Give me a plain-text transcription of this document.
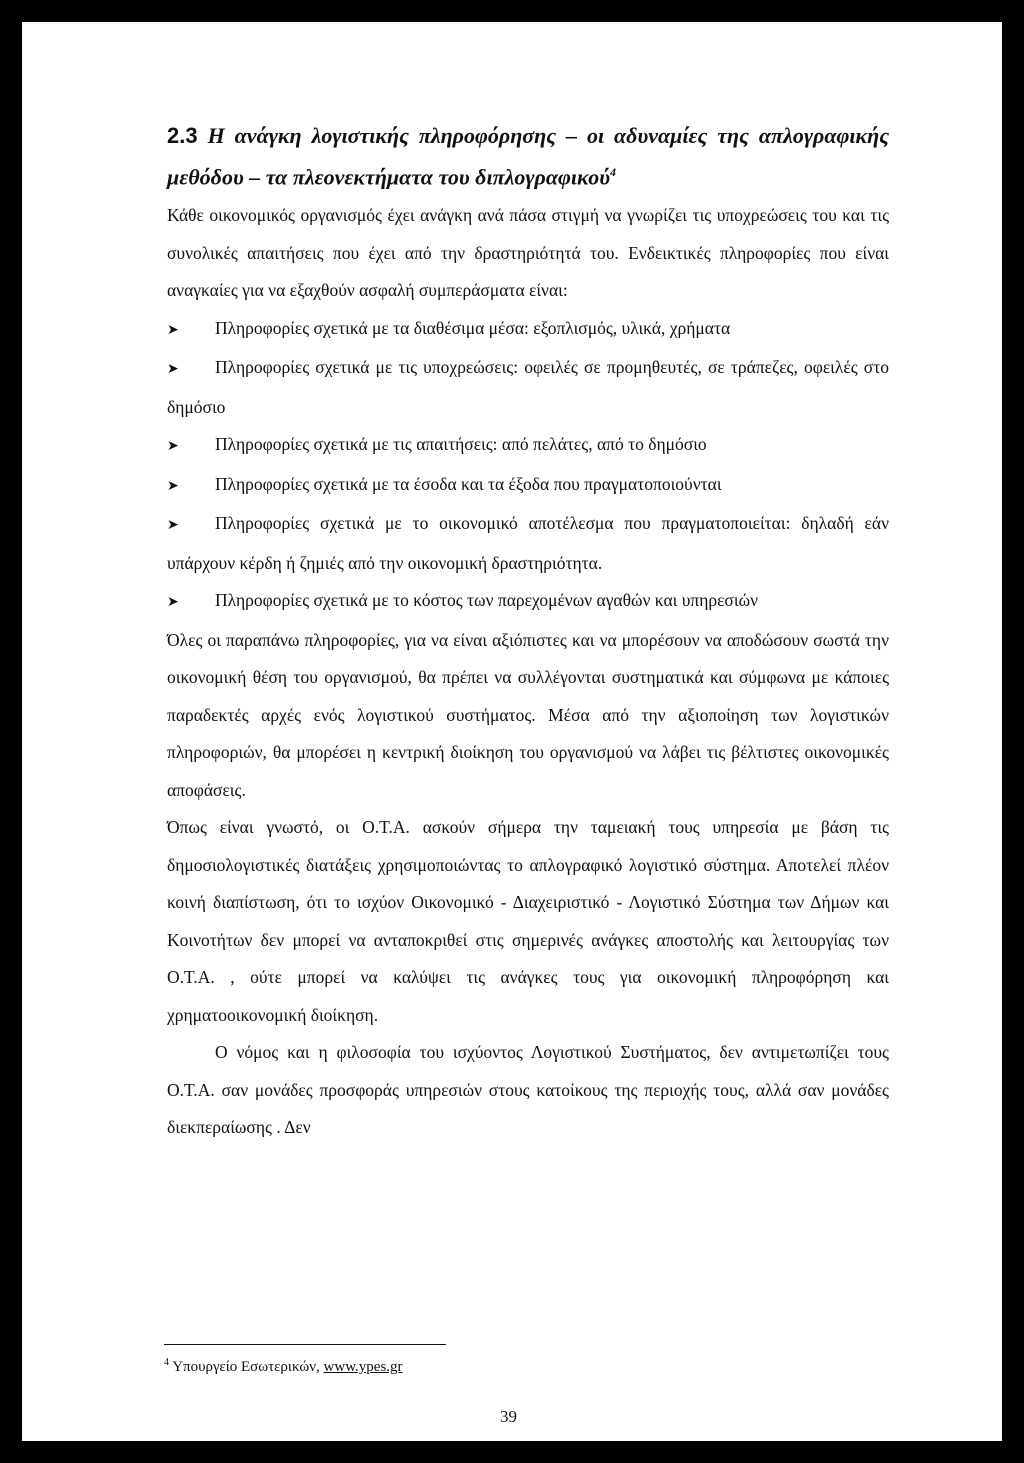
2.3 Η ανάγκη λογιστικής πληροφόρησης – οι αδυναμίες της απλογραφικής μεθόδου – τα πλεονεκτήματα του διπλογραφικού$^4$

Κάθε οικονομικός οργανισμός έχει ανάγκη ανά πάσα στιγμή να γνωρίζει τις υποχρεώσεις του και τις συνολικές απαιτήσεις που έχει από την δραστηριότητά του. Ενδεικτικές πληροφορίες που είναι αναγκαίες για να εξαχθούν ασφαλή συμπεράσματα είναι:

➤ Πληροφορίες σχετικά με τα διαθέσιμα μέσα: εξοπλισμός, υλικά, χρήματα

➤ Πληροφορίες σχετικά με τις υποχρεώσεις: οφειλές σε προμηθευτές, σε τράπεζες, οφειλές στο δημόσιο

➤ Πληροφορίες σχετικά με τις απαιτήσεις: από πελάτες, από το δημόσιο

➤ Πληροφορίες σχετικά με τα έσοδα και τα έξοδα που πραγματοποιούνται

➤ Πληροφορίες σχετικά με το οικονομικό αποτέλεσμα που πραγματοποιείται: δηλαδή εάν υπάρχουν κέρδη ή ζημιές από την οικονομική δραστηριότητα.

➤ Πληροφορίες σχετικά με το κόστος των παρεχομένων αγαθών και υπηρεσιών

Όλες οι παραπάνω πληροφορίες, για να είναι αξιόπιστες και να μπορέσουν να αποδώσουν σωστά την οικονομική θέση του οργανισμού, θα πρέπει να συλλέγονται συστηματικά και σύμφωνα με κάποιες παραδεκτές αρχές ενός λογιστικού συστήματος. Μέσα από την αξιοποίηση των λογιστικών πληροφοριών, θα μπορέσει η κεντρική διοίκηση του οργανισμού να λάβει τις βέλτιστες οικονομικές αποφάσεις.

Όπως είναι γνωστό, οι Ο.Τ.Α. ασκούν σήμερα την ταμειακή τους υπηρεσία με βάση τις δημοσιολογιστικές διατάξεις χρησιμοποιώντας το απλογραφικό λογιστικό σύστημα. Αποτελεί πλέον κοινή διαπίστωση, ότι το ισχύον Οικονομικό - Διαχειριστικό - Λογιστικό Σύστημα των Δήμων και Κοινοτήτων δεν μπορεί να ανταποκριθεί στις σημερινές ανάγκες αποστολής και λειτουργίας των Ο.Τ.Α. , ούτε μπορεί να καλύψει τις ανάγκες τους για οικονομική πληροφόρηση και χρηματοοικονομική διοίκηση.

Ο νόμος και η φιλοσοφία του ισχύοντος Λογιστικού Συστήματος, δεν αντιμετωπίζει τους Ο.Τ.Α. σαν μονάδες προσφοράς υπηρεσιών στους κατοίκους της περιοχής τους, αλλά σαν μονάδες διεκπεραίωσης . Δεν

$^4$ Υπουργείο Εσωτερικών, www.ypes.gr
39
